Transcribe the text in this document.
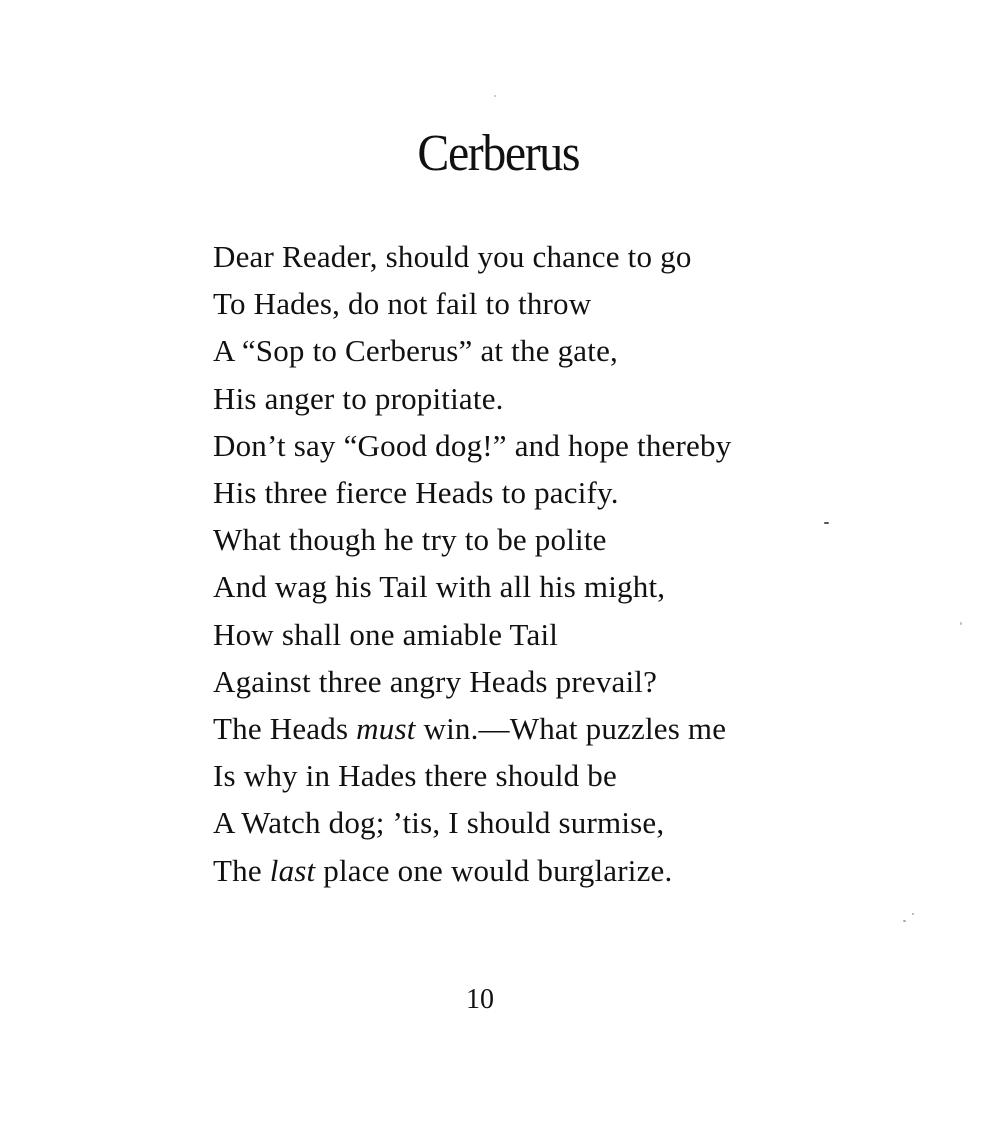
Cerberus
Dear Reader, should you chance to go
To Hades, do not fail to throw
A “Sop to Cerberus” at the gate,
His anger to propitiate.
Don’t say “Good dog!” and hope thereby
His three fierce Heads to pacify.
What though he try to be polite
And wag his Tail with all his might,
How shall one amiable Tail
Against three angry Heads prevail?
The Heads must win.—What puzzles me
Is why in Hades there should be
A Watch dog; ’tis, I should surmise,
The last place one would burglarize.
10
